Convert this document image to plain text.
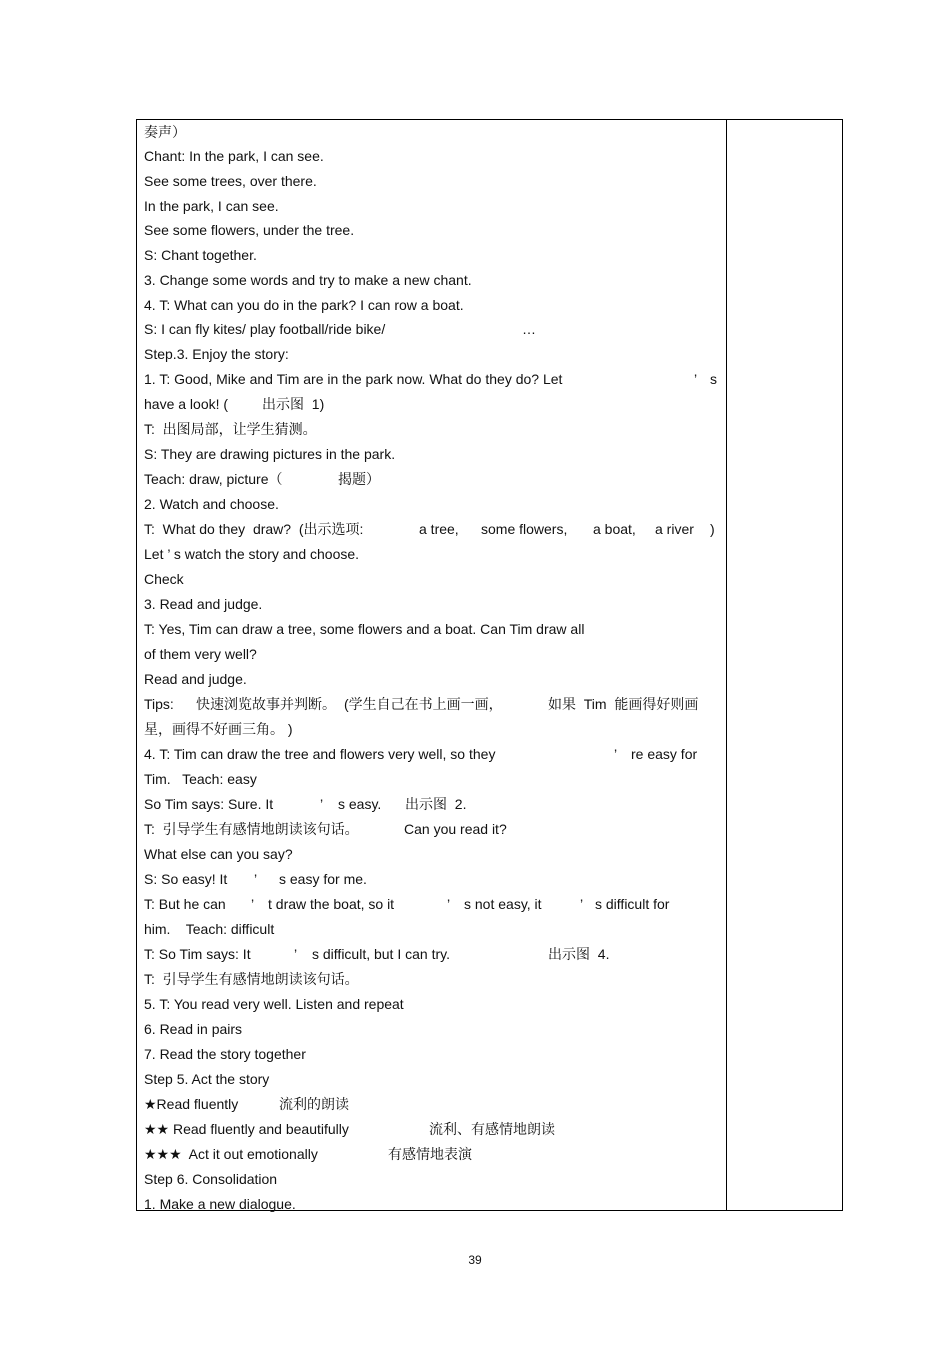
奏声）
Chant: In the park, I can see.
See some trees, over there.
In the park, I can see.
See some flowers, under the tree.
S: Chant together.
3. Change some words and try to make a new chant.
4. T: What can you do in the park? I can row a boat.
S: I can fly kites/ play football/ride bike/	…
Step.3. Enjoy the story:
1. T: Good, Mike and Tim are in the park now. What do they do? Let	’ s
have a look! ( 出示图  1)
T:  出图局部，让学生猜测。
S: They are drawing pictures in the park.
Teach: draw, picture（	揭题）
2. Watch and choose.
T:  What do they  draw?  (出示选项:	a tree, some flowers, a boat, a river )
Let ’ s watch the story and choose.
Check
3. Read and judge.
T: Yes, Tim can draw a tree, some flowers and a boat. Can Tim draw all
of them very well?
Read and judge.
Tips: 快速浏览故事并判断。 (学生自己在书上画一画，	如果  Tim  能画得好则画
星，画得不好画三角。 )
4. T: Tim can draw the tree and flowers very well, so they	’ re easy for
Tim.   Teach: easy
So Tim says: Sure. It	’ s easy. 出示图  2.
T:  引导学生有感情地朗读该句话。	Can you read it?
What else can you say?
S: So easy! It ’ s easy for me.
T: But he can ’ t draw the boat, so it	’ s not easy, it	’ s difficult for
him.    Teach: difficult
T: So Tim says: It	’ s difficult, but I can try.	出示图  4.
T:  引导学生有感情地朗读该句话。
5. T: You read very well. Listen and repeat
6. Read in pairs
7. Read the story together
Step 5. Act the story
★Read fluently	流利的朗读
★★ Read fluently and beautifully	流利、有感情地朗读
★★★  Act it out emotionally	有感情地表演
Step 6. Consolidation
1. Make a new dialogue.
39
